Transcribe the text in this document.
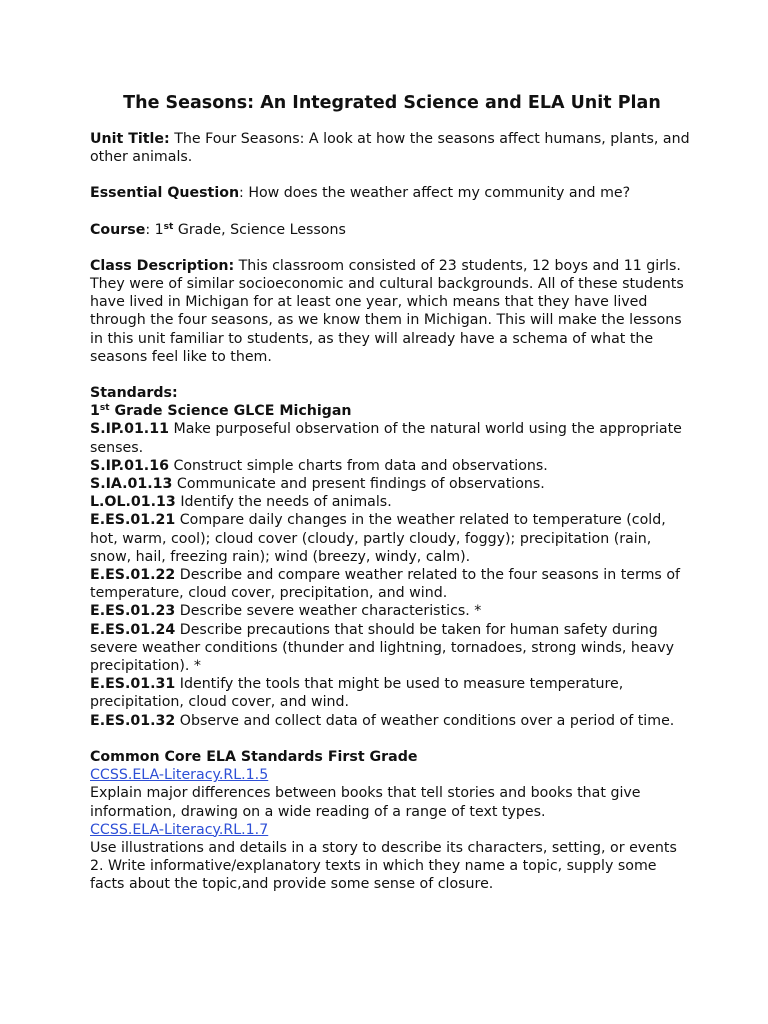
The Seasons: An Integrated Science and ELA Unit Plan

Unit Title: The Four Seasons: A look at how the seasons affect humans, plants, and other animals.

Essential Question: How does the weather affect my community and me?

Course: 1st Grade, Science Lessons

Class Description: This classroom consisted of 23 students, 12 boys and 11 girls. They were of similar socioeconomic and cultural backgrounds. All of these students have lived in Michigan for at least one year, which means that they have lived through the four seasons, as we know them in Michigan. This will make the lessons in this unit familiar to students, as they will already have a schema of what the seasons feel like to them.

Standards:

1st Grade Science GLCE Michigan

S.IP.01.11 Make purposeful observation of the natural world using the appropriate senses.

S.IP.01.16 Construct simple charts from data and observations.

S.IA.01.13 Communicate and present findings of observations.

L.OL.01.13 Identify the needs of animals.

E.ES.01.21 Compare daily changes in the weather related to temperature (cold, hot, warm, cool); cloud cover (cloudy, partly cloudy, foggy); precipitation (rain, snow, hail, freezing rain); wind (breezy, windy, calm).

E.ES.01.22 Describe and compare weather related to the four seasons in terms of temperature, cloud cover, precipitation, and wind.

E.ES.01.23 Describe severe weather characteristics. *

E.ES.01.24 Describe precautions that should be taken for human safety during severe weather conditions (thunder and lightning, tornadoes, strong winds, heavy precipitation). *

E.ES.01.31 Identify the tools that might be used to measure temperature, precipitation, cloud cover, and wind.

E.ES.01.32 Observe and collect data of weather conditions over a period of time.

Common Core ELA Standards First Grade

CCSS.ELA-Literacy.RL.1.5

Explain major differences between books that tell stories and books that give information, drawing on a wide reading of a range of text types.

CCSS.ELA-Literacy.RL.1.7

Use illustrations and details in a story to describe its characters, setting, or events

2. Write informative/explanatory texts in which they name a topic, supply some facts about the topic,and provide some sense of closure.
